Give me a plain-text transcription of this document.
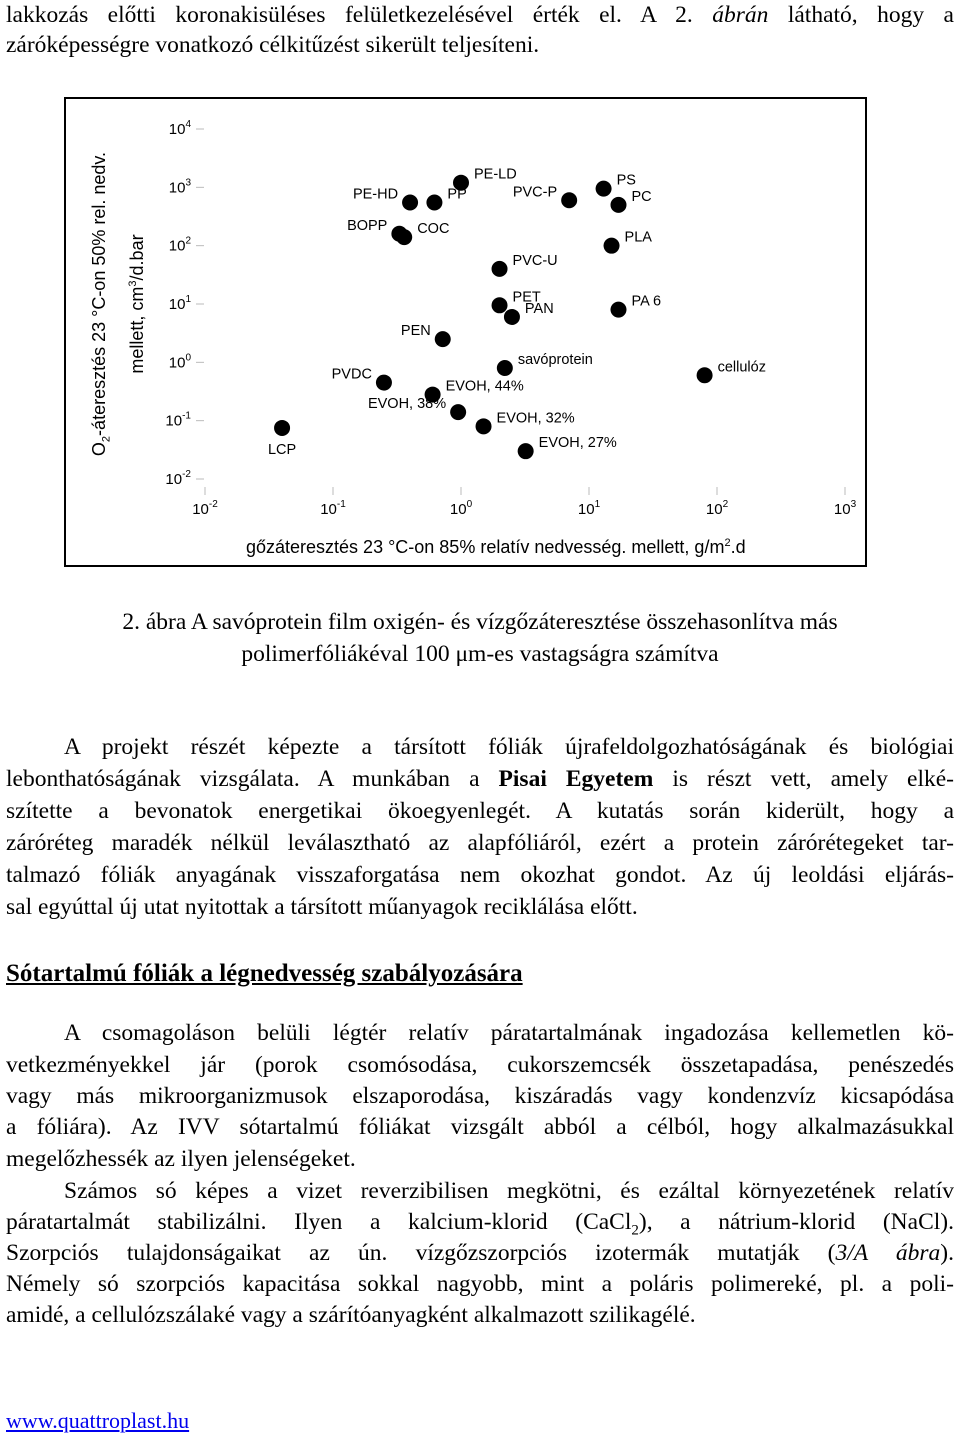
lakkozás előtti koronakisüléses felületkezelésével érték el. A 2. ábrán látható, hogy a
záróképességre vonatkozó célkitűzést sikerült teljesíteni.
$10^4$
$10^3$
$10^2$
$10^1$
$10^0$
$10^{-1}$
$10^{-2}$
$10^{-2}$	$10^{-1}$	$10^0$	$10^1$	$10^2$	$10^3$
PE-LD
PE-HD	PP
BOPP COC
PVC-P
PS
PC
PLA
PVC-U
PET
PAN	PA 6
PEN
savóprotein	cellulóz
PVDC
EVOH, 44%
EVOH, 38%
EVOH, 32%
EVOH, 27%
LCP
$O_2$-áteresztés 23 °C-on 50% rel. nedv. mellett, $cm^3/d.bar$
gőzáteresztés 23 °C-on 85% relatív nedvesség. mellett, $g/m^2.d$
2. ábra A savóprotein film oxigén- és vízgőzáteresztése összehasonlítva más
polimerfóliákéval 100 μm-es vastagságra számítva
A projekt részét képezte a társított fóliák újrafeldolgozhatóságának és biológiai
lebonthatóságának vizsgálata. A munkában a Pisai Egyetem is részt vett, amely elké-
szítette a bevonatok energetikai ökoegyenlegét. A kutatás során kiderült, hogy a
záróréteg maradék nélkül leválasztható az alapfóliáról, ezért a protein zárórétegeket tar-
talmazó fóliák anyagának visszaforgatása nem okozhat gondot. Az új leoldási eljárás-
sal egyúttal új utat nyitottak a társított műanyagok reciklálása előtt.
Sótartalmú fóliák a légnedvesség szabályozására
A csomagoláson belüli légtér relatív páratartalmának ingadozása kellemetlen kö-
vetkezményekkel jár (porok csomósodása, cukorszemcsék összetapadása, penészedés
vagy más mikroorganizmusok elszaporodása, kiszáradás vagy kondenzvíz kicsapódása
a fóliára). Az IVV sótartalmú fóliákat vizsgált abból a célból, hogy alkalmazásukkal
megelőzhessék az ilyen jelenségeket.
Számos só képes a vizet reverzibilisen megkötni, és ezáltal környezetének relatív
páratartalmát stabilizálni. Ilyen a kalcium-klorid (CaCl$_2$), a nátrium-klorid (NaCl).
Szorpciós tulajdonságaikat az ún. vízgőzszorpciós izotermák mutatják (3/A ábra).
Némely só szorpciós kapacitása sokkal nagyobb, mint a poláris polimereké, pl. a poli-
amidé, a cellulózszálaké vagy a szárítóanyagként alkalmazott szilikagélé.
www.quattroplast.hu
